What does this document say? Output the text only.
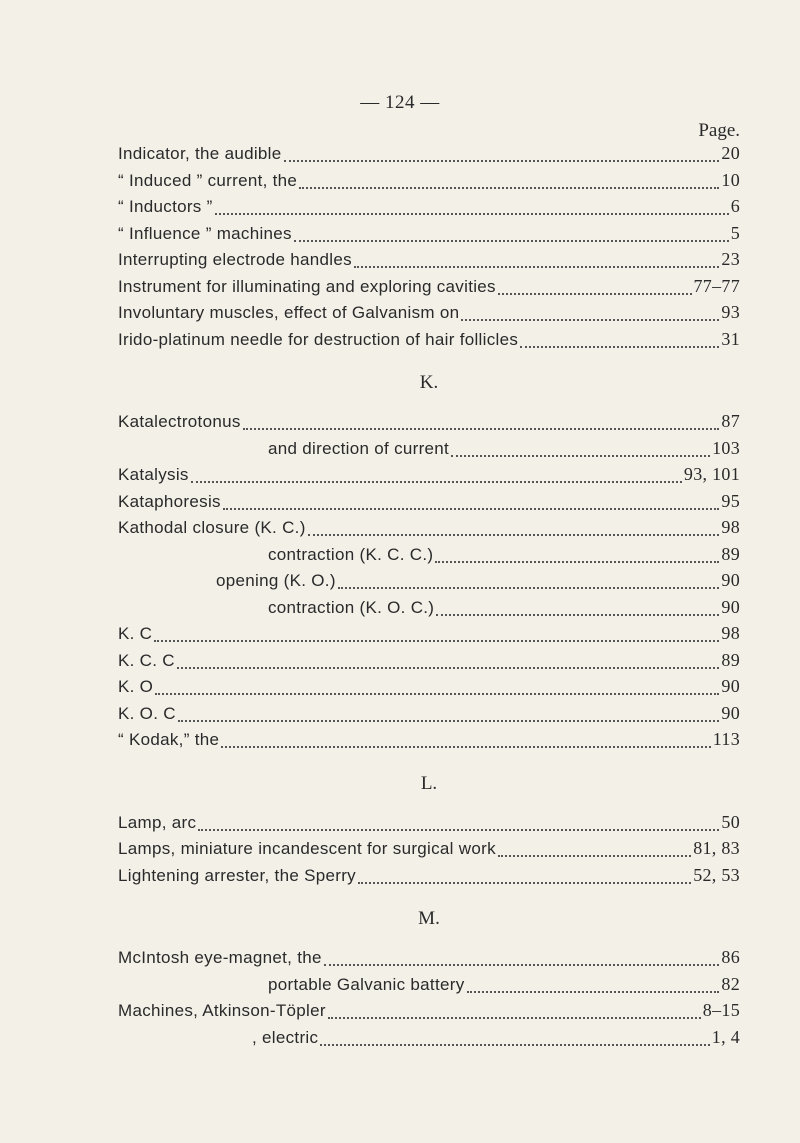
— 124 —
Page.
Indicator, the audible	20
“ Induced ” current, the	10
“ Inductors ”	6
“ Influence ” machines	5
Interrupting electrode handles	23
Instrument for illuminating and exploring cavities	77–77
Involuntary muscles, effect of Galvanism on	93
Irido-platinum needle for destruction of hair follicles	31
K.
Katalectrotonus	87
and direction of current	103
Katalysis	93, 101
Kataphoresis	95
Kathodal closure (K. C.)	98
contraction (K. C. C.)	89
opening (K. O.)	90
contraction (K. O. C.)	90
K. C	98
K. C. C	89
K. O	90
K. O. C	90
“ Kodak,” the	113
L.
Lamp, arc	50
Lamps, miniature incandescent for surgical work	81, 83
Lightening arrester, the Sperry	52, 53
M.
McIntosh eye-magnet, the	86
portable Galvanic battery	82
Machines, Atkinson-Töpler	8–15
, electric	1, 4
